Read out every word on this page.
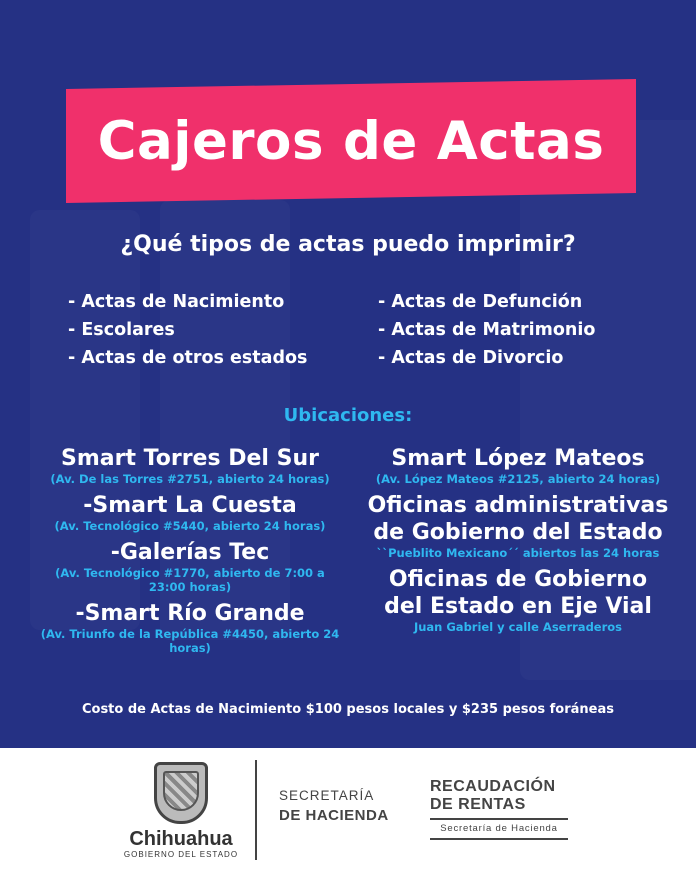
Cajeros de Actas
¿Qué tipos de actas puedo imprimir?
- Actas de Nacimiento
- Escolares
- Actas de otros estados
- Actas de Defunción
- Actas de Matrimonio
- Actas de Divorcio
Ubicaciones:
Smart Torres Del Sur
(Av. De las Torres #2751, abierto 24 horas)
-Smart La Cuesta
(Av. Tecnológico #5440, abierto 24 horas)
-Galerías Tec
(Av. Tecnológico #1770, abierto de 7:00 a 23:00 horas)
-Smart Río Grande
(Av. Triunfo de la República #4450, abierto 24 horas)
Smart López Mateos
(Av. López Mateos #2125, abierto 24 horas)
Oficinas administrativas de Gobierno del Estado
``Pueblito Mexicano´´ abiertos las 24 horas
Oficinas de Gobierno del Estado en Eje Vial
Juan Gabriel y calle Aserraderos
Costo de Actas de Nacimiento $100 pesos locales y $235 pesos foráneas
Chihuahua
GOBIERNO DEL ESTADO
SECRETARÍA
DE HACIENDA
RECAUDACIÓN
DE RENTAS
Secretaría de Hacienda
